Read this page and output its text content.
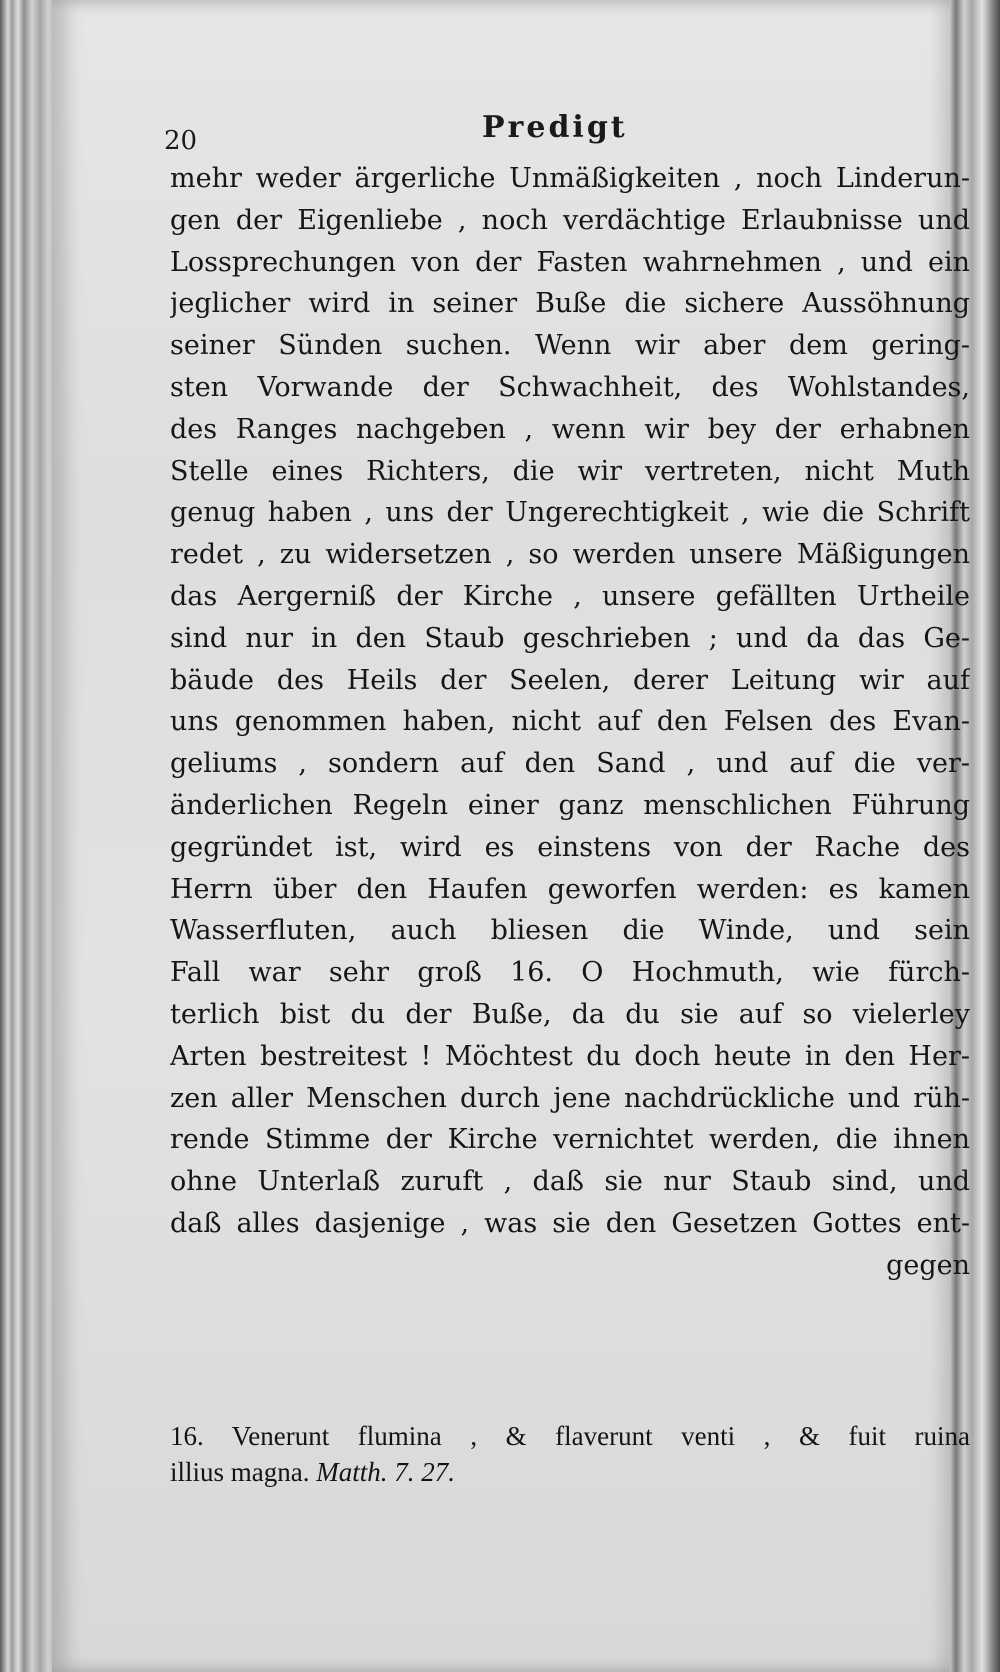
20	Predigt

mehr weder ärgerliche Unmäßigkeiten , noch Linderun-
gen der Eigenliebe , noch verdächtige Erlaubnisse und
Lossprechungen von der Fasten wahrnehmen , und ein
jeglicher wird in seiner Buße die sichere Aussöhnung
seiner Sünden suchen. Wenn wir aber dem gering-
sten Vorwande der Schwachheit, des Wohlstandes,
des Ranges nachgeben , wenn wir bey der erhabnen
Stelle eines Richters, die wir vertreten, nicht Muth
genug haben , uns der Ungerechtigkeit , wie die Schrift
redet , zu widersetzen , so werden unsere Mäßigungen
das Aergerniß der Kirche , unsere gefällten Urtheile
sind nur in den Staub geschrieben ; und da das Ge-
bäude des Heils der Seelen, derer Leitung wir auf
uns genommen haben, nicht auf den Felsen des Evan-
geliums , sondern auf den Sand , und auf die ver-
änderlichen Regeln einer ganz menschlichen Führung
gegründet ist, wird es einstens von der Rache des
Herrn über den Haufen geworfen werden: es kamen
Wasserfluten, auch bliesen die Winde, und sein
Fall war sehr groß 16. O Hochmuth, wie fürch-
terlich bist du der Buße, da du sie auf so vielerley
Arten bestreitest ! Möchtest du doch heute in den Her-
zen aller Menschen durch jene nachdrückliche und rüh-
rende Stimme der Kirche vernichtet werden, die ihnen
ohne Unterlaß zuruft , daß sie nur Staub sind, und
daß alles dasjenige , was sie den Gesetzen Gottes ent-
gegen
16. Venerunt flumina , & flaverunt venti , & fuit ruina
illius magna. Matth. 7. 27.
